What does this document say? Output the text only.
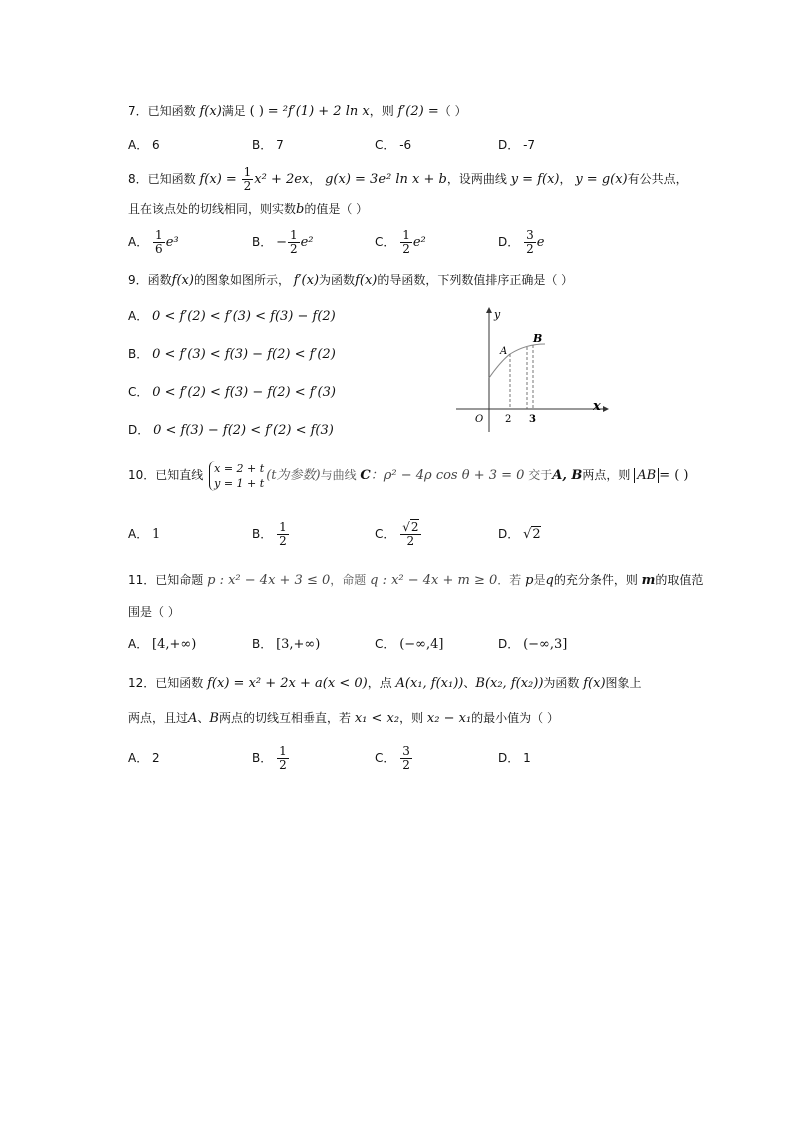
7．已知函数 f(x)满足 ( ) = ²f′(1) + 2 ln x，则 f′(2) =（ ）
A． 6	B． 7	C． -6	D． -7
8．已知函数 $f(x) = \frac{1}{2} x^2 + 2ex$， g(x) = 3e² ln x + b，设两曲线 y = f(x)， y = g(x)有公共点，
且在该点处的切线相同，则实数b的值是（ ）
A． $\frac{1}{6} e^3$	B． − $\frac{1}{2} e^2$	C． $\frac{1}{2} e^2$	D． $\frac{3}{2}$ e
9．函数f(x)的图象如图所示， f′(x)为函数f(x)的导函数，下列数值排序正确是（ ）
A． 0 < f′(2) < f′(3) < f(3) − f(2)
B． 0 < f′(3) < f(3) − f(2) < f′(2)
C． 0 < f′(2) < f(3) − f(2) < f′(3)
D． 0 < f(3) − f(2) < f′(2) < f(3)
y
x
O 2 3
A
B
10．已知直线 x = 2 + t
y = 1 + t (t为参数)与曲线 C：ρ² − 4ρ cos θ + 3 = 0 交于A, B两点，则 AB = ( )
A． 1	B． $\frac{1}{2}$	C． $\frac{√2}{2}$	D． √2
11．已知命题 p : x² − 4x + 3 ≤ 0，命题 q : x² − 4x + m ≥ 0．若 p是q的充分条件，则 m的取值范
围是（ ）
A． [4,+∞)	B． [3,+∞)	C． (−∞,4]	D． (−∞,3]
12．已知函数 f(x) = x² + 2x + a(x < 0)，点 A(x₁, f(x₁))、B(x₂, f(x₂))为函数 f(x)图象上
两点，且过A、B两点的切线互相垂直，若 x₁ < x₂，则 x₂ − x₁的最小值为（ ）
A． 2	B． $\frac{1}{2}$	C． $\frac{3}{2}$	D． 1
